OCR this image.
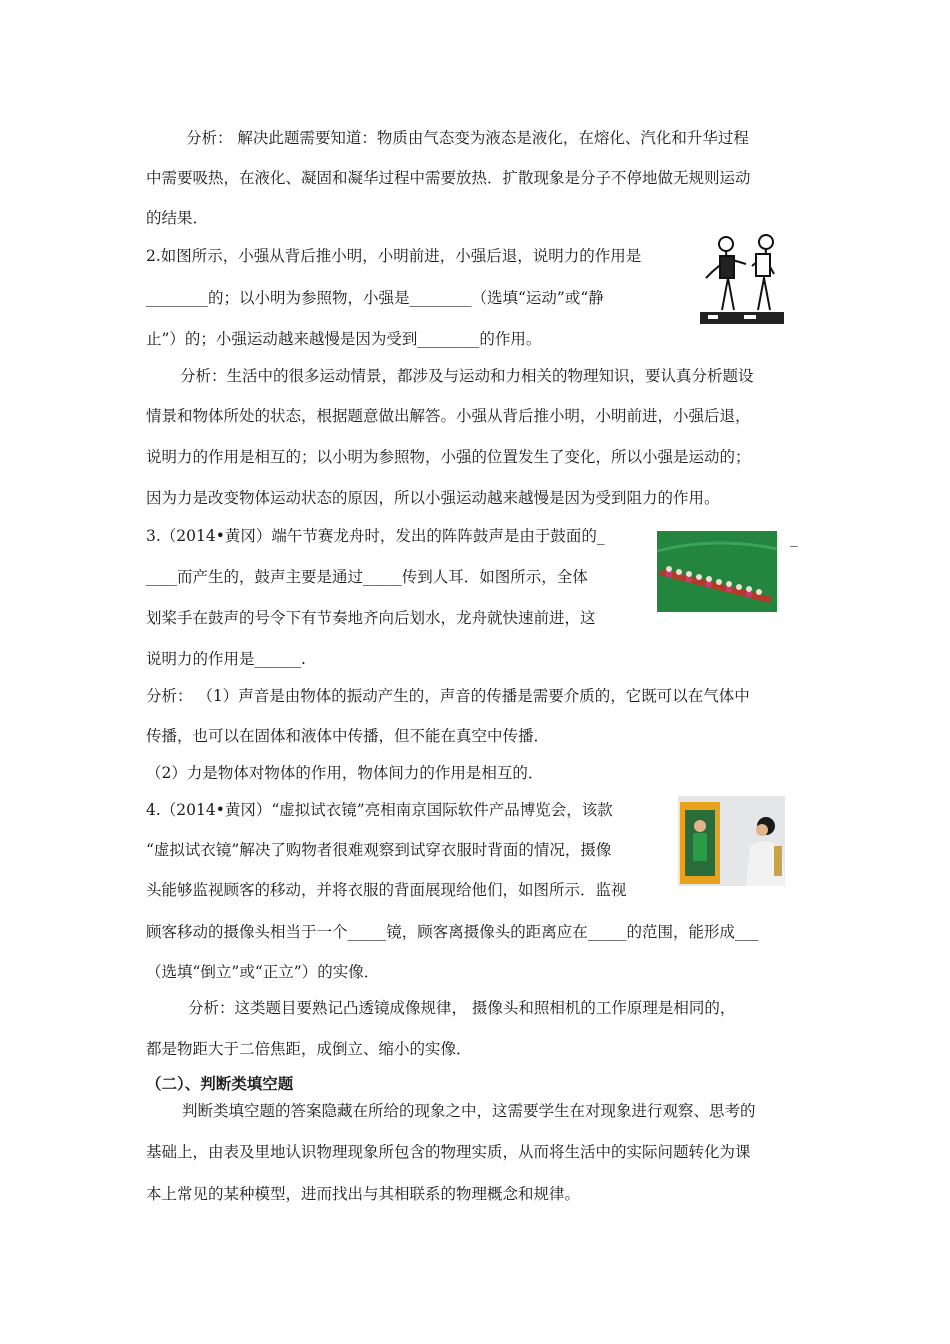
分析： 解决此题需要知道：物质由气态变为液态是液化，在熔化、汽化和升华过程
中需要吸热，在液化、凝固和凝华过程中需要放热．扩散现象是分子不停地做无规则运动
的结果．
2.如图所示，小强从背后推小明，小明前进，小强后退，说明力的作用是
________的；以小明为参照物，小强是________（选填“运动”或“静
止”）的；小强运动越来越慢是因为受到________的作用。
分析：生活中的很多运动情景，都涉及与运动和力相关的物理知识，要认真分析题设
情景和物体所处的状态，根据题意做出解答。小强从背后推小明，小明前进，小强后退，
说明力的作用是相互的；以小明为参照物，小强的位置发生了变化，所以小强是运动的；
因为力是改变物体运动状态的原因，所以小强运动越来越慢是因为受到阻力的作用。
3.（2014•黄冈）端午节赛龙舟时，发出的阵阵鼓声是由于鼓面的_	_
____而产生的，鼓声主要是通过_____传到人耳．如图所示，全体
划桨手在鼓声的号令下有节奏地齐向后划水，龙舟就快速前进，这
说明力的作用是______.
分析： （1）声音是由物体的振动产生的，声音的传播是需要介质的，它既可以在气体中
传播，也可以在固体和液体中传播，但不能在真空中传播．
（2）力是物体对物体的作用，物体间力的作用是相互的．
4.（2014•黄冈）“虚拟试衣镜”亮相南京国际软件产品博览会，该款
“虚拟试衣镜”解决了购物者很难观察到试穿衣服时背面的情况，摄像
头能够监视顾客的移动，并将衣服的背面展现给他们，如图所示．监视
顾客移动的摄像头相当于一个_____镜，顾客离摄像头的距离应在_____的范围，能形成___
（选填“倒立”或“正立”）的实像．
分析：这类题目要熟记凸透镜成像规律， 摄像头和照相机的工作原理是相同的，
都是物距大于二倍焦距，成倒立、缩小的实像．
（二）、判断类填空题
判断类填空题的答案隐藏在所给的现象之中，这需要学生在对现象进行观察、思考的
基础上，由表及里地认识物理现象所包含的物理实质，从而将生活中的实际问题转化为课
本上常见的某种模型，进而找出与其相联系的物理概念和规律。
